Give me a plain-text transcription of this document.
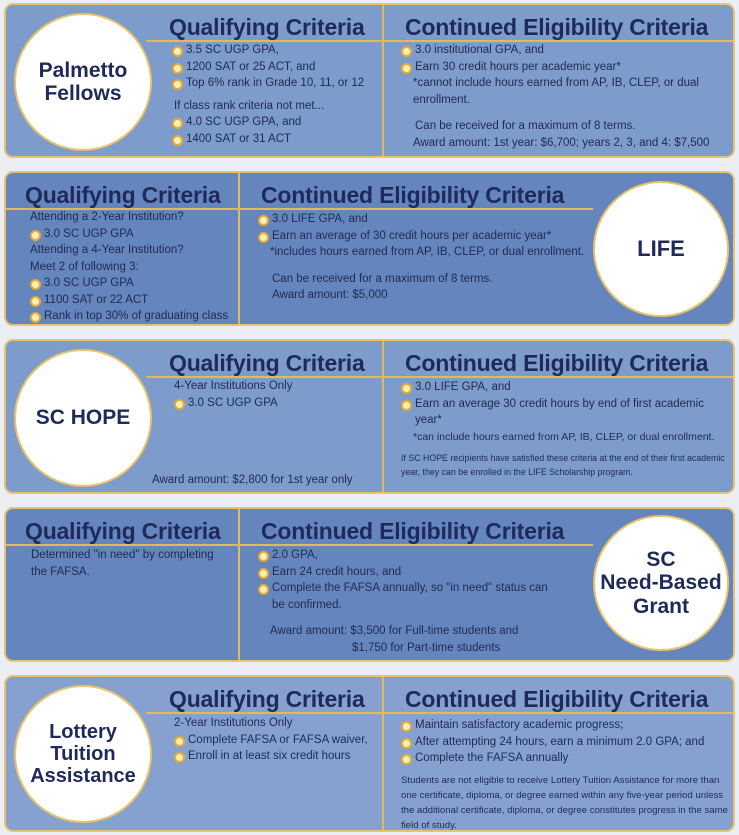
Qualifying Criteria Continued Eligibility Criteria
3.5 SC UGP GPA,
1200 SAT or 25 ACT, and
Top 6% rank in Grade 10, 11, or 12
If class rank criteria not met...
4.0 SC UGP GPA, and
1400 SAT or 31 ACT
3.0 institutional GPA, and
Earn 30 credit hours per academic year*
*cannot include hours earned from AP, IB, CLEP, or dual enrollment.
Can be received for a maximum of 8 terms.
Award amount: 1st year: $6,700; years 2, 3, and 4: $7,500
Palmetto
Fellows
Qualifying Criteria Continued Eligibility Criteria
Attending a 2-Year Institution?
3.0 SC UGP GPA
Attending a 4-Year Institution?
Meet 2 of following 3:
3.0 SC UGP GPA
1100 SAT or 22 ACT
Rank in top 30% of graduating class
3.0 LIFE GPA, and
Earn an average of 30 credit hours per academic year*
*includes hours earned from AP, IB, CLEP, or dual enrollment.
Can be received for a maximum of 8 terms.
Award amount: $5,000
LIFE
Qualifying Criteria Continued Eligibility Criteria
4-Year Institutions Only
3.0 SC UGP GPA
Award amount: $2,800 for 1st year only
3.0 LIFE GPA, and
Earn an average 30 credit hours by end of first academic year*
*can include hours earned from AP, IB, CLEP, or dual enrollment.
If SC HOPE recipients have satisfied these criteria at the end of their first academic year, they can be enrolled in the LIFE Scholarship program.
SC HOPE
Qualifying Criteria Continued Eligibility Criteria
Determined "in need" by completing the FAFSA.
2.0 GPA,
Earn 24 credit hours, and
Complete the FAFSA annually, so "in need" status can be confirmed.
Award amount: $3,500 for Full-time students and
$1,750 for Part-time students
SC
Need-Based
Grant
Qualifying Criteria Continued Eligibility Criteria
2-Year Institutions Only
Complete FAFSA or FAFSA waiver,
Enroll in at least six credit hours
Maintain satisfactory academic progress;
After attempting 24 hours, earn a minimum 2.0 GPA; and
Complete the FAFSA annually
Students are not eligible to receive Lottery Tuition Assistance for more than one certificate, diploma, or degree earned within any five-year period unless the additional certificate, diploma, or degree constitutes progress in the same field of study.
Lottery
Tuition
Assistance
